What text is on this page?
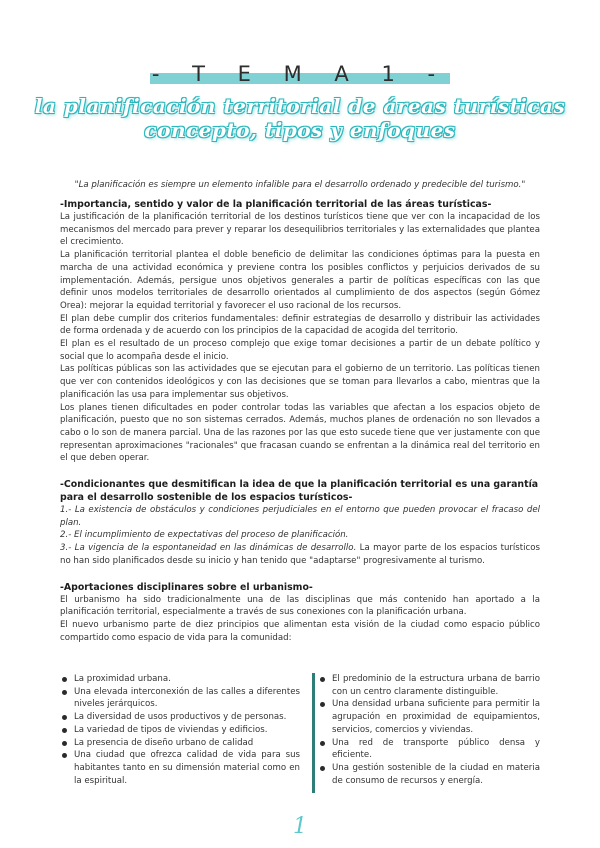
- T E M A 1 -
la planificación territorial de áreas turísticas
concepto, tipos y enfoques
"La planificación es siempre un elemento infalible para el desarrollo ordenado y predecible del turismo."
-Importancia, sentido y valor de la planificación territorial de las áreas turísticas-

La justificación de la planificación territorial de los destinos turísticos tiene que ver con la incapacidad de los mecanismos del mercado para prever y reparar los desequilibrios territoriales y las externalidades que plantea el crecimiento.

La planificación territorial plantea el doble beneficio de delimitar las condiciones óptimas para la puesta en marcha de una actividad económica y previene contra los posibles conflictos y perjuicios derivados de su implementación. Además, persigue unos objetivos generales a partir de políticas específicas con las que definir unos modelos territoriales de desarrollo orientados al cumplimiento de dos aspectos (según Gómez Orea): mejorar la equidad territorial y favorecer el uso racional de los recursos.

El plan debe cumplir dos criterios fundamentales: definir estrategias de desarrollo y distribuir las actividades de forma ordenada y de acuerdo con los principios de la capacidad de acogida del territorio.

El plan es el resultado de un proceso complejo que exige tomar decisiones a partir de un debate político y social que lo acompaña desde el inicio.

Las políticas públicas son las actividades que se ejecutan para el gobierno de un territorio. Las políticas tienen que ver con contenidos ideológicos y con las decisiones que se toman para llevarlos a cabo, mientras que la planificación las usa para implementar sus objetivos.

Los planes tienen dificultades en poder controlar todas las variables que afectan a los espacios objeto de planificación, puesto que no son sistemas cerrados. Además, muchos planes de ordenación no son llevados a cabo o lo son de manera parcial. Una de las razones por las que esto sucede tiene que ver justamente con que representan aproximaciones "racionales" que fracasan cuando se enfrentan a la dinámica real del territorio en el que deben operar.

-Condicionantes que desmitifican la idea de que la planificación territorial es una garantía para el desarrollo sostenible de los espacios turísticos-

1.- La existencia de obstáculos y condiciones perjudiciales en el entorno que pueden provocar el fracaso del plan.

2.- El incumplimiento de expectativas del proceso de planificación.

3.- La vigencia de la espontaneidad en las dinámicas de desarrollo. La mayor parte de los espacios turísticos no han sido planificados desde su inicio y han tenido que "adaptarse" progresivamente al turismo.

-Aportaciones disciplinares sobre el urbanismo-

El urbanismo ha sido tradicionalmente una de las disciplinas que más contenido han aportado a la planificación territorial, especialmente a través de sus conexiones con la planificación urbana.

El nuevo urbanismo parte de diez principios que alimentan esta visión de la ciudad como espacio público compartido como espacio de vida para la comunidad:

La proximidad urbana.
Una elevada interconexión de las calles a diferentes niveles jerárquicos.
La diversidad de usos productivos y de personas.
La variedad de tipos de viviendas y edificios.
La presencia de diseño urbano de calidad
Una ciudad que ofrezca calidad de vida para sus habitantes tanto en su dimensión material como en la espiritual.
El predominio de la estructura urbana de barrio con un centro claramente distinguible.
Una densidad urbana suficiente para permitir la agrupación en proximidad de equipamientos, servicios, comercios y viviendas.
Una red de transporte público densa y eficiente.
Una gestión sostenible de la ciudad en materia de consumo de recursos y energía.
1
